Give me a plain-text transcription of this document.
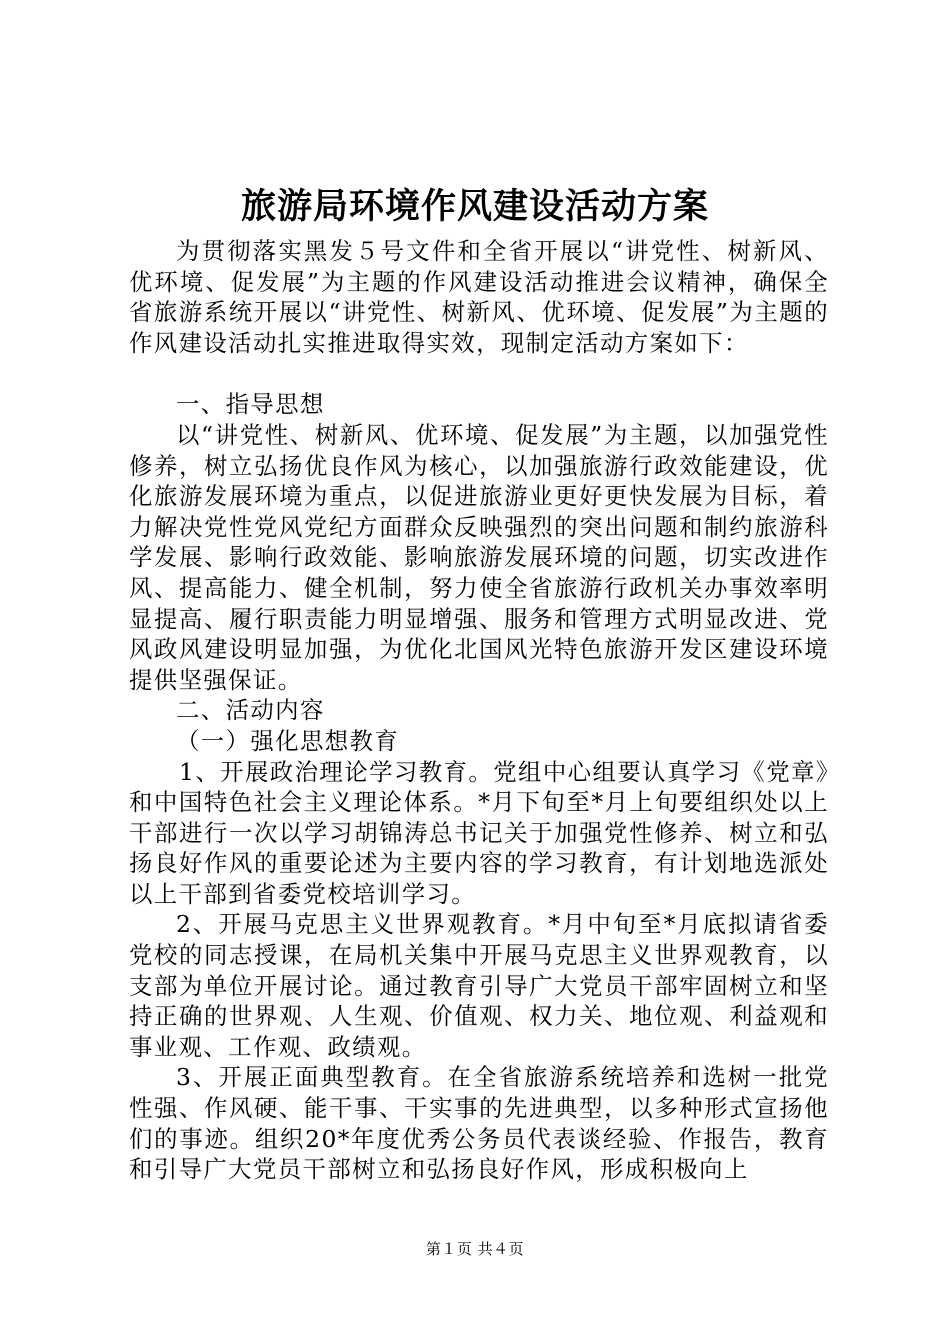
旅游局环境作风建设活动方案

为贯彻落实黑发５号文件和全省开展以“讲党性、树新风、优环境、促发展”为主题的作风建设活动推进会议精神，确保全省旅游系统开展以“讲党性、树新风、优环境、促发展”为主题的作风建设活动扎实推进取得实效，现制定活动方案如下：

一、指导思想

以“讲党性、树新风、优环境、促发展”为主题，以加强党性修养，树立弘扬优良作风为核心，以加强旅游行政效能建设，优化旅游发展环境为重点，以促进旅游业更好更快发展为目标，着力解决党性党风党纪方面群众反映强烈的突出问题和制约旅游科学发展、影响行政效能、影响旅游发展环境的问题，切实改进作风、提高能力、健全机制，努力使全省旅游行政机关办事效率明显提高、履行职责能力明显增强、服务和管理方式明显改进、党风政风建设明显加强，为优化北国风光特色旅游开发区建设环境提供坚强保证。

二、活动内容

（一）强化思想教育

1、开展政治理论学习教育。党组中心组要认真学习《党章》和中国特色社会主义理论体系。*月下旬至*月上旬要组织处以上干部进行一次以学习胡锦涛总书记关于加强党性修养、树立和弘扬良好作风的重要论述为主要内容的学习教育，有计划地选派处以上干部到省委党校培训学习。

2、开展马克思主义世界观教育。*月中旬至*月底拟请省委党校的同志授课，在局机关集中开展马克思主义世界观教育，以支部为单位开展讨论。通过教育引导广大党员干部牢固树立和坚持正确的世界观、人生观、价值观、权力关、地位观、利益观和事业观、工作观、政绩观。

3、开展正面典型教育。在全省旅游系统培养和选树一批党性强、作风硬、能干事、干实事的先进典型，以多种形式宣扬他们的事迹。组织20*年度优秀公务员代表谈经验、作报告，教育和引导广大党员干部树立和弘扬良好作风，形成积极向上

第１页 共４页
